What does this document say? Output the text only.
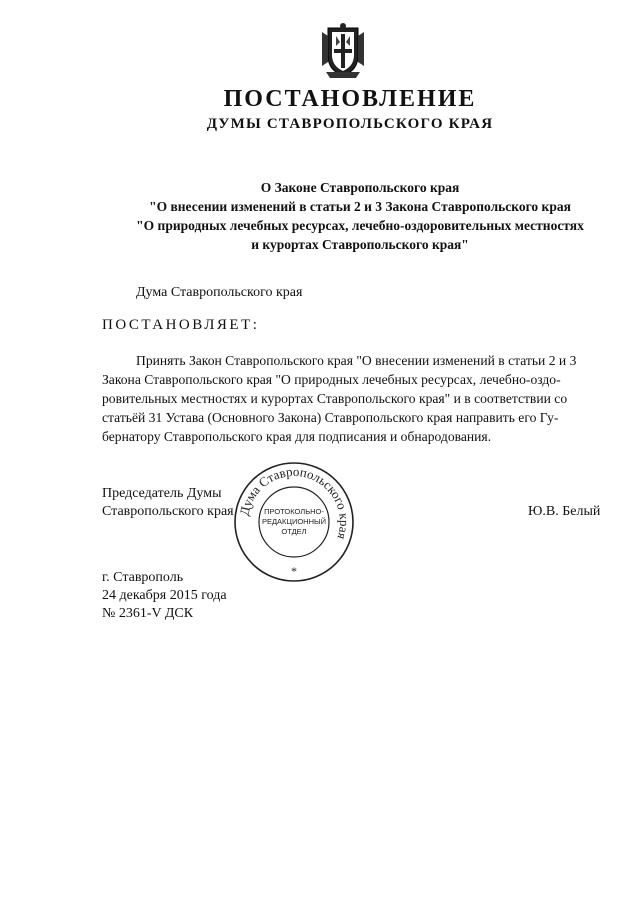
ПОСТАНОВЛЕНИЕ
ДУМЫ СТАВРОПОЛЬСКОГО КРАЯ
О Законе Ставропольского края
"О внесении изменений в статьи 2 и 3 Закона Ставропольского края
"О природных лечебных ресурсах, лечебно-оздоровительных местностях
и курортах Ставропольского края"
Дума Ставропольского края
ПОСТАНОВЛЯЕТ:
Принять Закон Ставропольского края "О внесении изменений в статьи 2 и 3
Закона Ставропольского края "О природных лечебных ресурсах, лечебно-оздо-
ровительных местностях и курортах Ставропольского края" и в соответствии со
статьёй 31 Устава (Основного Закона) Ставропольского края направить его Гу-
бернатору Ставропольского края для подписания и обнародования.
Председатель Думы
Ставропольского края	Ю.В. Белый
Дума Ставропольского края
ПРОТОКОЛЬНО-
РЕДАКЦИОННЫЙ
ОТДЕЛ
*
г. Ставрополь
24 декабря 2015 года
№ 2361-V ДСК
